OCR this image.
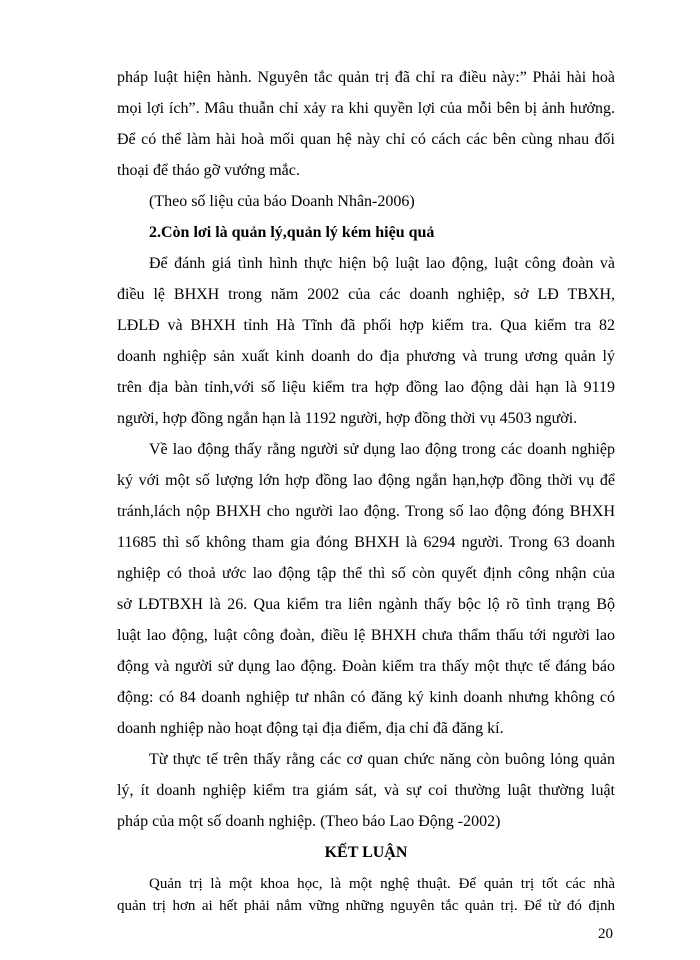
pháp luật hiện hành. Nguyên tắc quản trị đã chỉ ra điều này:” Phải hài hoà

mọi lợi ích”. Mâu thuẫn chỉ xảy ra khi quyền lợi của mỗi bên bị ảnh hưởng.

Để có thể làm hài hoà mối quan hệ này chỉ có cách các bên cùng nhau đối

thoại để tháo gỡ vướng mắc.

(Theo số liệu của báo Doanh Nhân-2006)

2.Còn lơi là quản lý,quản lý kém hiệu quả

Để đánh giá tình hình thực hiện bộ luật lao động, luật công đoàn và

điều lệ BHXH trong năm 2002 của các doanh nghiệp, sở LĐ TBXH,

LĐLĐ và BHXH tỉnh Hà Tĩnh đã phối hợp kiểm tra. Qua kiểm tra 82

doanh nghiệp sản xuất kinh doanh do địa phương và trung ương quản lý

trên địa bàn tỉnh,với số liệu kiểm tra hợp đồng lao động dài hạn là 9119

người, hợp đồng ngắn hạn là 1192 người, hợp đồng thời vụ 4503 người.

Về lao động thấy rằng người sử dụng lao động trong các doanh nghiệp

ký với một số lượng lớn hợp đồng lao động ngắn hạn,hợp đồng thời vụ để

tránh,lách nộp BHXH cho người lao động. Trong số lao động đóng BHXH

11685 thì số không tham gia đóng BHXH là 6294 người. Trong 63 doanh

nghiệp có thoả ước lao động tập thể thì số còn quyết định công nhận của

sở LĐTBXH là 26. Qua kiểm tra liên ngành thấy bộc lộ rõ tình trạng Bộ

luật lao động, luật công đoàn, điều lệ BHXH chưa thẩm thấu tới người lao

động và người sử dụng lao động. Đoàn kiểm tra thấy một thực tế đáng báo

động: có 84 doanh nghiệp tư nhân có đăng ký kinh doanh nhưng không có

doanh nghiệp nào hoạt động tại địa điểm, địa chỉ đã đăng kí.

Từ thực tế trên thấy rằng các cơ quan chức năng còn buông lỏng quản

lý, ít doanh nghiệp kiểm tra giám sát, và sự coi thường luật thường luật

pháp của một số doanh nghiệp. (Theo báo Lao Động -2002)

KẾT LUẬN

Quản trị là một khoa học, là một nghệ thuật. Để quản trị tốt các nhà

quản trị hơn ai hết phải nắm vững những nguyên tắc quản trị. Để từ đó định

20
